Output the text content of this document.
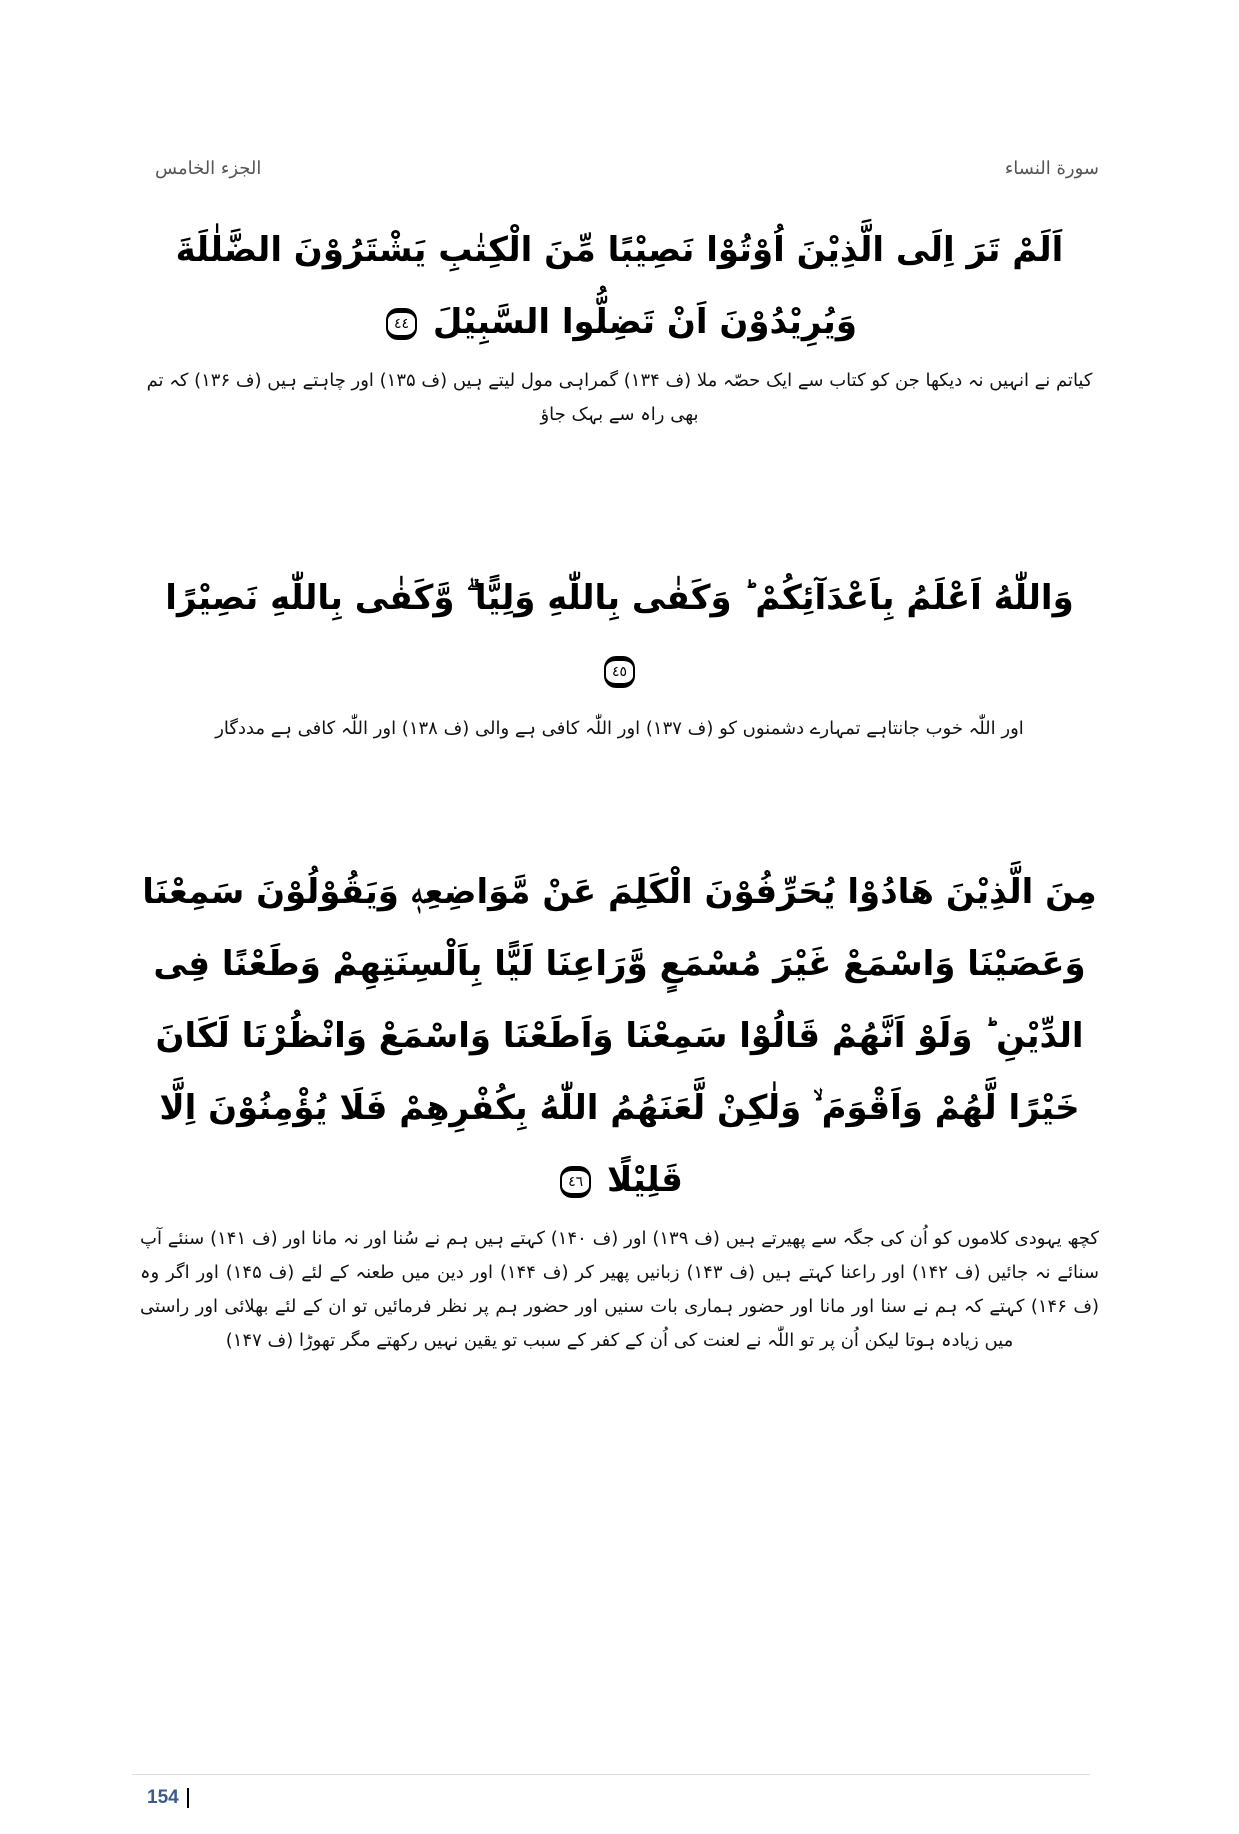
الجزء الخامس	سورة النساء

اَلَمْ تَرَ اِلَى الَّذِيْنَ اُوْتُوْا نَصِيْبًا مِّنَ الْكِتٰبِ يَشْتَرُوْنَ الضَّلٰلَةَ وَيُرِيْدُوْنَ اَنْ تَضِلُّوا السَّبِيْلَ ٤٤

کیاتم نے انہیں نہ دیکھا جن کو کتاب سے ایک حصّہ ملا (ف ۱۳۴) گمراہی مول لیتے ہیں (ف ۱۳۵) اور چاہتے ہیں (ف ۱۳۶) کہ تم بھی راہ سے بہک جاؤ

وَاللّٰهُ اَعْلَمُ بِاَعْدَآئِكُمْ ؕ وَكَفٰى بِاللّٰهِ وَلِيًّا ۗ وَّكَفٰى بِاللّٰهِ نَصِيْرًا ٤٥

اور اللّٰہ خوب جانتاہے تمہارے دشمنوں کو (ف ۱۳۷) اور اللّٰہ کافی ہے والی (ف ۱۳۸) اور اللّٰہ کافی ہے مددگار

مِنَ الَّذِيْنَ هَادُوْا يُحَرِّفُوْنَ الْكَلِمَ عَنْ مَّوَاضِعِهٖ وَيَقُوْلُوْنَ سَمِعْنَا وَعَصَيْنَا وَاسْمَعْ غَيْرَ مُسْمَعٍ وَّرَاعِنَا لَيًّا بِاَلْسِنَتِهِمْ وَطَعْنًا فِى الدِّيْنِ ؕ وَلَوْ اَنَّهُمْ قَالُوْا سَمِعْنَا وَاَطَعْنَا وَاسْمَعْ وَانْظُرْنَا لَكَانَ خَيْرًا لَّهُمْ وَاَقْوَمَ ۙ وَلٰكِنْ لَّعَنَهُمُ اللّٰهُ بِكُفْرِهِمْ فَلَا يُؤْمِنُوْنَ اِلَّا قَلِيْلًا ٤٦

کچھ یہودی کلاموں کو اُن کی جگہ سے پھیرتے ہیں (ف ۱۳۹) اور (ف ۱۴۰) کہتے ہیں ہم نے سُنا اور نہ مانا اور (ف ۱۴۱) سنئے آپ سنائے نہ جائیں (ف ۱۴۲) اور راعنا کہتے ہیں (ف ۱۴۳) زبانیں پھیر کر (ف ۱۴۴) اور دین میں طعنہ کے لئے (ف ۱۴۵) اور اگر وہ (ف ۱۴۶) کہتے کہ ہم نے سنا اور مانا اور حضور ہماری بات سنیں اور حضور ہم پر نظر فرمائیں تو ان کے لئے بھلائی اور راستی میں زیادہ ہوتا لیکن اُن پر تو اللّٰہ نے لعنت کی اُن کے کفر کے سبب تو یقین نہیں رکھتے مگر تھوڑا (ف ۱۴۷)

154
